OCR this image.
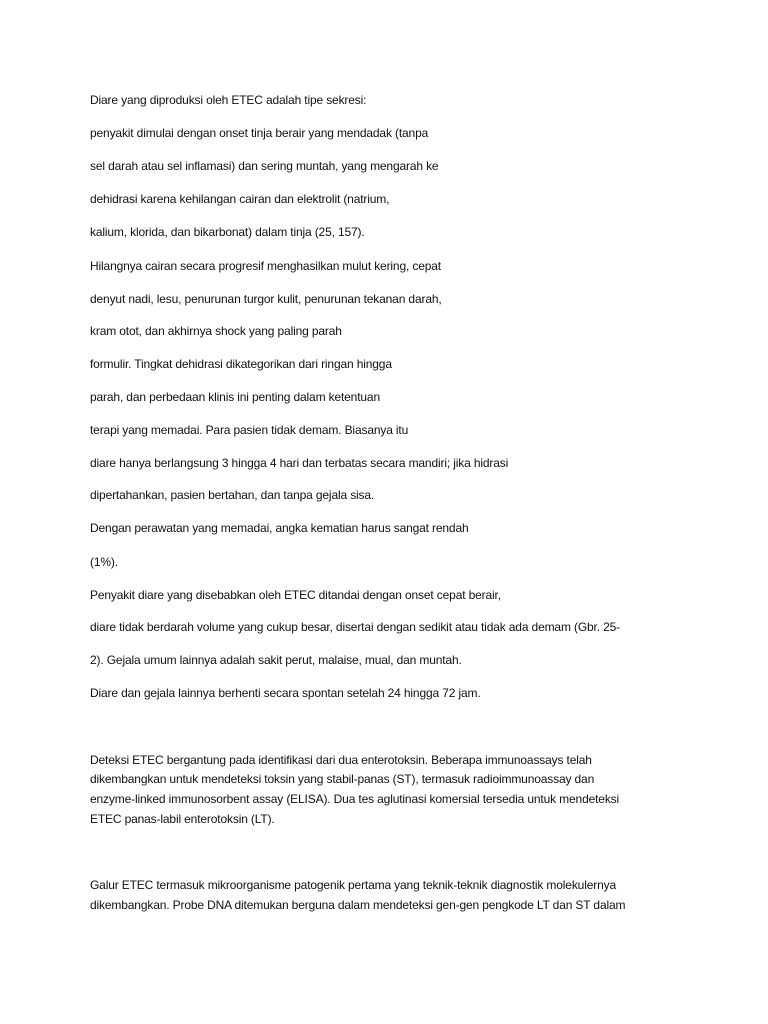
Diare yang diproduksi oleh ETEC adalah tipe sekresi:
penyakit dimulai dengan onset tinja berair yang mendadak (tanpa
sel darah atau sel inflamasi) dan sering muntah, yang mengarah ke
dehidrasi karena kehilangan cairan dan elektrolit (natrium,
kalium, klorida, dan bikarbonat) dalam tinja (25, 157).
Hilangnya cairan secara progresif menghasilkan mulut kering, cepat
denyut nadi, lesu, penurunan turgor kulit, penurunan tekanan darah,
kram otot, dan akhirnya shock yang paling parah
formulir. Tingkat dehidrasi dikategorikan dari ringan hingga
parah, dan perbedaan klinis ini penting dalam ketentuan
terapi yang memadai. Para pasien tidak demam. Biasanya itu
diare hanya berlangsung 3 hingga 4 hari dan terbatas secara mandiri; jika hidrasi
dipertahankan, pasien bertahan, dan tanpa gejala sisa.
Dengan perawatan yang memadai, angka kematian harus sangat rendah
(1%).
Penyakit diare yang disebabkan oleh ETEC ditandai dengan onset cepat berair,
diare tidak berdarah volume yang cukup besar, disertai dengan sedikit atau tidak ada demam (Gbr. 25-
2). Gejala umum lainnya adalah sakit perut, malaise, mual, dan muntah.
Diare dan gejala lainnya berhenti secara spontan setelah 24 hingga 72 jam.
Deteksi ETEC bergantung pada identifikasi dari dua enterotoksin. Beberapa immunoassays telah
dikembangkan untuk mendeteksi toksin yang stabil-panas (ST), termasuk radioimmunoassay dan
enzyme-linked immunosorbent assay (ELISA). Dua tes aglutinasi komersial tersedia untuk mendeteksi
ETEC panas-labil enterotoksin (LT).
Galur ETEC termasuk mikroorganisme patogenik pertama yang teknik-teknik diagnostik molekulernya
dikembangkan. Probe DNA ditemukan berguna dalam mendeteksi gen-gen pengkode LT dan ST dalam
